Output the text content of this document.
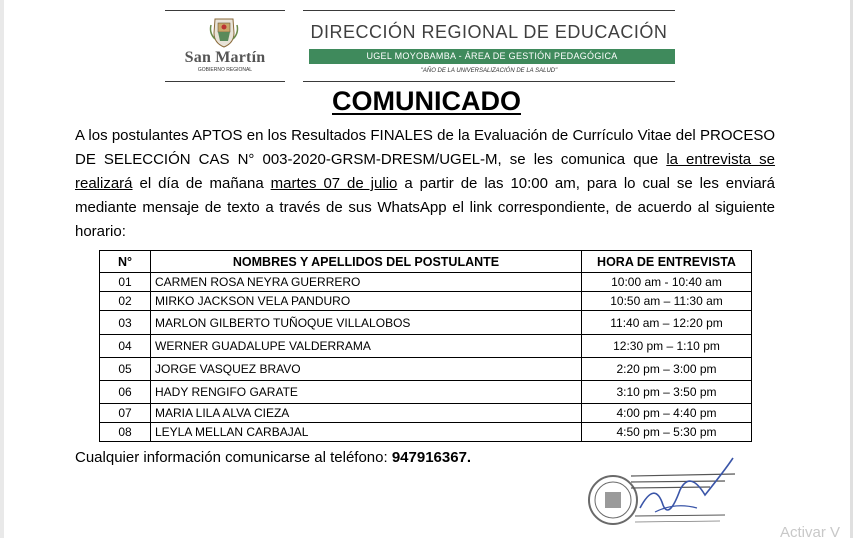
San Martín
GOBIERNO REGIONAL
DIRECCIÓN REGIONAL DE EDUCACIÓN
UGEL MOYOBAMBA - ÁREA DE GESTIÓN PEDAGÓGICA
"AÑO DE LA UNIVERSALIZACIÓN DE LA SALUD"
COMUNICADO
A los postulantes APTOS en los Resultados FINALES de la Evaluación de Currículo Vitae del PROCESO DE SELECCIÓN CAS N° 003-2020-GRSM-DRESM/UGEL-M, se les comunica que la entrevista se realizará el día de mañana martes 07 de julio a partir de las 10:00 am, para lo cual se les enviará mediante mensaje de texto a través de sus WhatsApp el link correspondiente, de acuerdo al siguiente horario:
N°	NOMBRES Y APELLIDOS DEL POSTULANTE	HORA DE ENTREVISTA
01	CARMEN ROSA NEYRA GUERRERO	10:00 am - 10:40 am
02	MIRKO JACKSON VELA PANDURO	10:50 am – 11:30 am
03	MARLON GILBERTO TUÑOQUE VILLALOBOS	11:40 am – 12:20 pm
04	WERNER GUADALUPE VALDERRAMA	12:30 pm – 1:10 pm
05	JORGE VASQUEZ BRAVO	2:20 pm – 3:00 pm
06	HADY RENGIFO GARATE	3:10 pm – 3:50 pm
07	MARIA LILA ALVA CIEZA	4:00 pm – 4:40 pm
08	LEYLA MELLAN CARBAJAL	4:50 pm – 5:30 pm
Cualquier información comunicarse al teléfono: 947916367.
Activar V
